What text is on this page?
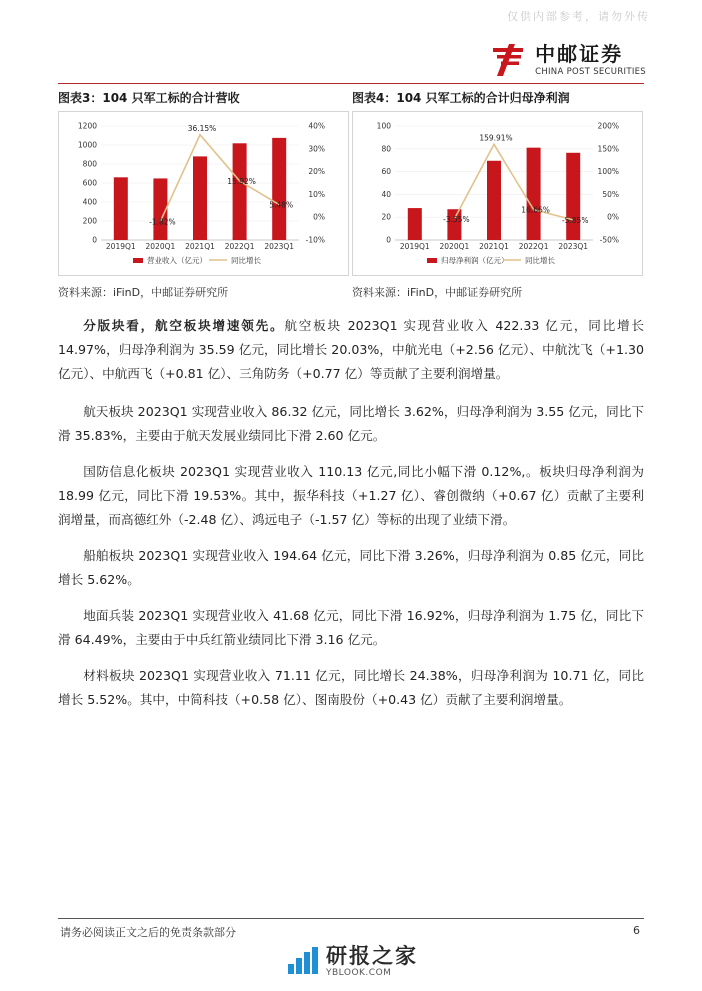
仅供内部参考，请勿外传
中邮证券
CHINA POST SECURITIES
图表3：104 只军工标的合计营收
0
200
400
600
800
1000
1200
-10%
0%
10%
20%
30%
40%
2019Q1 2020Q1 2021Q1 2022Q1 2023Q1
-1.82%
36.15%
15.92%
5.48%
营业收入（亿元）	同比增长
资料来源：iFinD，中邮证券研究所
图表4：104 只军工标的合计归母净利润
0
20
40
60
80
100
-50%
0%
50%
100%
150%
200%
2019Q1 2020Q1 2021Q1 2022Q1 2023Q1
-3.55%
159.91%
16.66%
-5.85%
归母净利润（亿元） 同比增长
资料来源：iFinD，中邮证券研究所

分版块看，航空板块增速领先。航空板块 2023Q1 实现营业收入 422.33 亿元，同比增长 14.97%，归母净利润为 35.59 亿元，同比增长 20.03%，中航光电（+2.56 亿元）、中航沈飞（+1.30 亿元）、中航西飞（+0.81 亿）、三角防务（+0.77 亿）等贡献了主要利润增量。

航天板块 2023Q1 实现营业收入 86.32 亿元，同比增长 3.62%，归母净利润为 3.55 亿元，同比下滑 35.83%，主要由于航天发展业绩同比下滑 2.60 亿元。

国防信息化板块 2023Q1 实现营业收入 110.13 亿元,同比小幅下滑 0.12%,。板块归母净利润为 18.99 亿元，同比下滑 19.53%。其中，振华科技（+1.27 亿）、睿创微纳（+0.67 亿）贡献了主要利润增量，而高德红外（-2.48 亿）、鸿远电子（-1.57 亿）等标的出现了业绩下滑。

船舶板块 2023Q1 实现营业收入 194.64 亿元，同比下滑 3.26%，归母净利润为 0.85 亿元，同比增长 5.62%。

地面兵装 2023Q1 实现营业收入 41.68 亿元，同比下滑 16.92%，归母净利润为 1.75 亿，同比下滑 64.49%，主要由于中兵红箭业绩同比下滑 3.16 亿元。

材料板块 2023Q1 实现营业收入 71.11 亿元，同比增长 24.38%，归母净利润为 10.71 亿，同比增长 5.52%。其中，中简科技（+0.58 亿）、图南股份（+0.43 亿）贡献了主要利润增量。

请务必阅读正文之后的免责条款部分	6
研报之家
YBLOOK.COM
